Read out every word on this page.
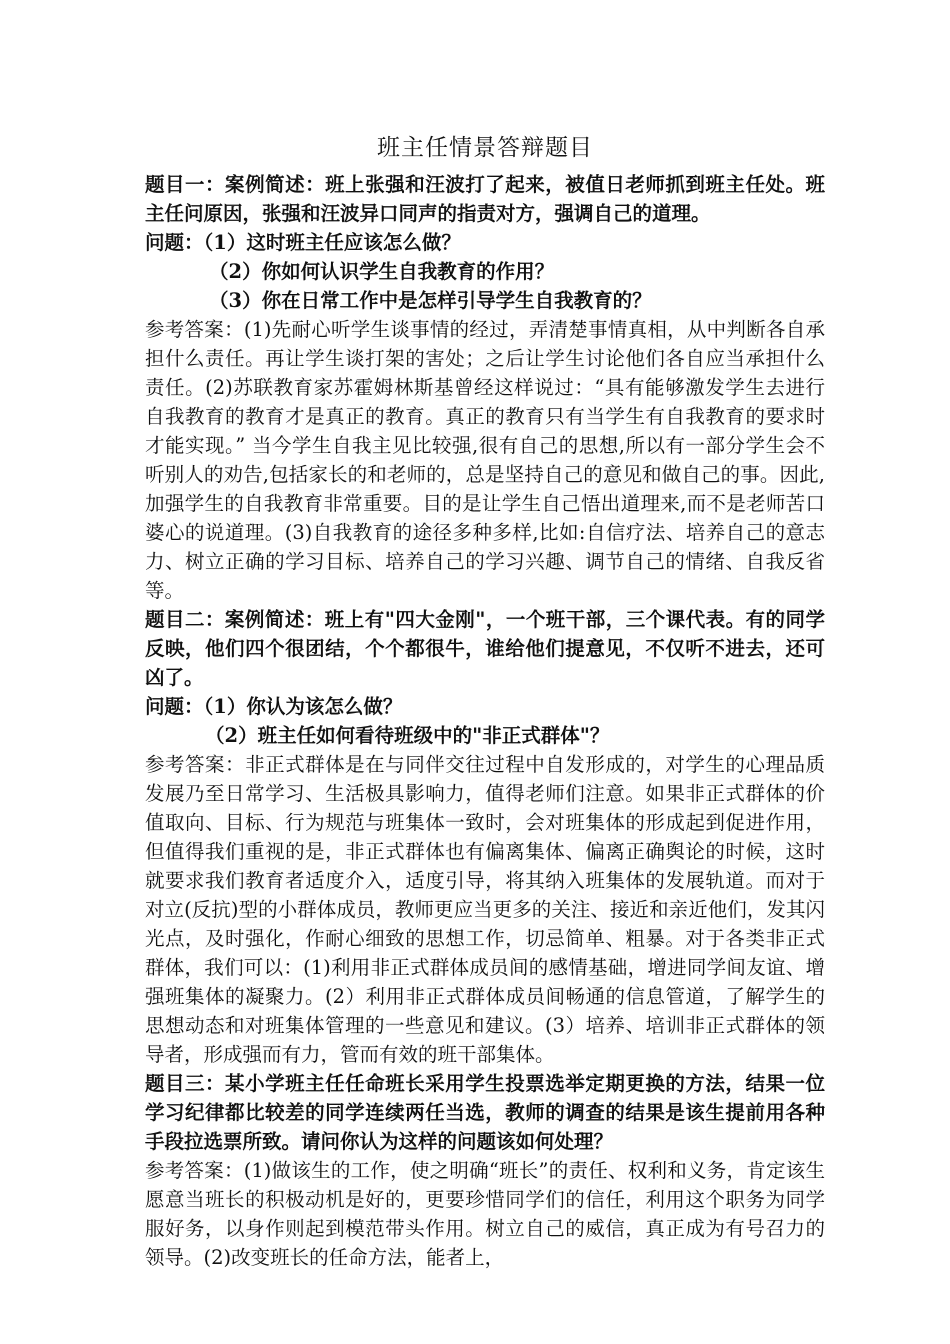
班主任情景答辩题目

题目一：案例简述：班上张强和汪波打了起来，被值日老师抓到班主任处。班主任问原因，张强和汪波异口同声的指责对方，强调自己的道理。

问题：（1）这时班主任应该怎么做？

（2）你如何认识学生自我教育的作用？

（3）你在日常工作中是怎样引导学生自我教育的？

参考答案：(1)先耐心听学生谈事情的经过，弄清楚事情真相，从中判断各自承担什么责任。再让学生谈打架的害处；之后让学生讨论他们各自应当承担什么责任。(2)苏联教育家苏霍姆林斯基曾经这样说过：“具有能够激发学生去进行自我教育的教育才是真正的教育。真正的教育只有当学生有自我教育的要求时才能实现。” 当今学生自我主见比较强,很有自己的思想,所以有一部分学生会不听别人的劝告,包括家长的和老师的，总是坚持自己的意见和做自己的事。因此,加强学生的自我教育非常重要。目的是让学生自己悟出道理来,而不是老师苦口婆心的说道理。(3)自我教育的途径多种多样,比如:自信疗法、培养自己的意志力、树立正确的学习目标、培养自己的学习兴趣、调节自己的情绪、自我反省等。

题目二：案例简述：班上有"四大金刚"，一个班干部，三个课代表。有的同学反映，他们四个很团结，个个都很牛，谁给他们提意见，不仅听不进去，还可凶了。

问题：（1）你认为该怎么做？

（2）班主任如何看待班级中的"非正式群体"？

参考答案：非正式群体是在与同伴交往过程中自发形成的，对学生的心理品质发展乃至日常学习、生活极具影响力，值得老师们注意。如果非正式群体的价值取向、目标、行为规范与班集体一致时，会对班集体的形成起到促进作用，但值得我们重视的是，非正式群体也有偏离集体、偏离正确舆论的时候，这时就要求我们教育者适度介入，适度引导，将其纳入班集体的发展轨道。而对于对立(反抗)型的小群体成员，教师更应当更多的关注、接近和亲近他们，发其闪光点，及时强化，作耐心细致的思想工作，切忌简单、粗暴。对于各类非正式群体，我们可以：(1)利用非正式群体成员间的感情基础，增进同学间友谊、增强班集体的凝聚力。(2）利用非正式群体成员间畅通的信息管道，了解学生的思想动态和对班集体管理的一些意见和建议。(3）培养、培训非正式群体的领导者，形成强而有力，管而有效的班干部集体。

题目三：某小学班主任任命班长采用学生投票选举定期更换的方法，结果一位学习纪律都比较差的同学连续两任当选，教师的调查的结果是该生提前用各种手段拉选票所致。请问你认为这样的问题该如何处理？

参考答案：(1)做该生的工作，使之明确“班长”的责任、权利和义务，肯定该生愿意当班长的积极动机是好的，更要珍惜同学们的信任，利用这个职务为同学服好务，以身作则起到模范带头作用。树立自己的威信，真正成为有号召力的领导。(2)改变班长的任命方法，能者上，
